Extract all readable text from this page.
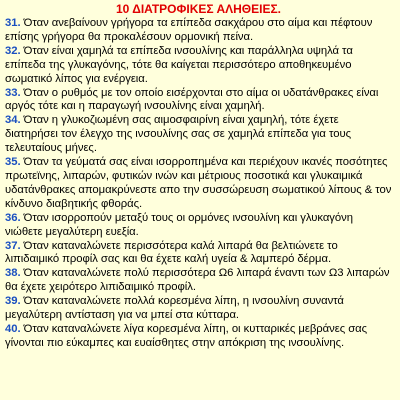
10 ΔΙΑΤΡΟΦΙΚΕΣ ΑΛΗΘΕΙΕΣ.

31. Όταν ανεβαίνουν γρήγορα τα επίπεδα σακχάρου στο αίμα και πέφτουν επίσης γρήγορα θα προκαλέσουν ορμονική πείνα.

32. Όταν είναι χαμηλά τα επίπεδα ινσουλίνης και παράλληλα υψηλά τα επίπεδα της γλυκαγόνης, τότε θα καίγεται περισσότερο αποθηκευμένο σωματικό λίπος για ενέργεια.

33. Όταν ο ρυθμός με τον οποίο εισέρχονται στο αίμα οι υδατάνθρακες είναι αργός τότε και η παραγωγή ινσουλίνης είναι χαμηλή.

34. Όταν η γλυκοζιωμένη σας αιμοσφαιρίνη είναι χαμηλή, τότε έχετε διατηρήσει τον έλεγχο της ινσουλίνης σας σε χαμηλά επίπεδα για τους τελευταίους μήνες.

35. Όταν τα γεύματά σας είναι ισορροπημένα και περιέχουν ικανές ποσότητες πρωτεϊνης, λιπαρών, φυτικών ινών και μέτριους ποσοτικά και γλυκαιμικά υδατάνθρακες απομακρύνεστε απο την συσσώρευση σωματικού λίπους & τον κίνδυνο διαβητικής φθοράς.

36. Όταν ισορροπούν μεταξύ τους οι ορμόνες ινσουλίνη και γλυκαγόνη νιώθετε μεγαλύτερη ευεξία.

37. Όταν καταναλώνετε περισσότερα καλά λιπαρά θα βελτιώνετε το λιπιδαιμικό προφίλ σας και θα έχετε καλή υγεία & λαμπερό δέρμα.

38. Όταν καταναλώνετε πολύ περισσότερα Ω6 λιπαρά έναντι των Ω3 λιπαρών θα έχετε χειρότερο λιπιδαιμικό προφίλ.

39. Όταν καταναλώνετε πολλά κορεσμένα λίπη, η ινσουλίνη συναντά μεγαλύτερη αντίσταση για να μπεί στα κύτταρα.

40. Όταν καταναλώνετε λίγα κορεσμένα λίπη, οι κυτταρικές μεβράνες σας γίνονται πιο εύκαμπες και ευαίσθητες στην απόκριση της ινσουλίνης.
